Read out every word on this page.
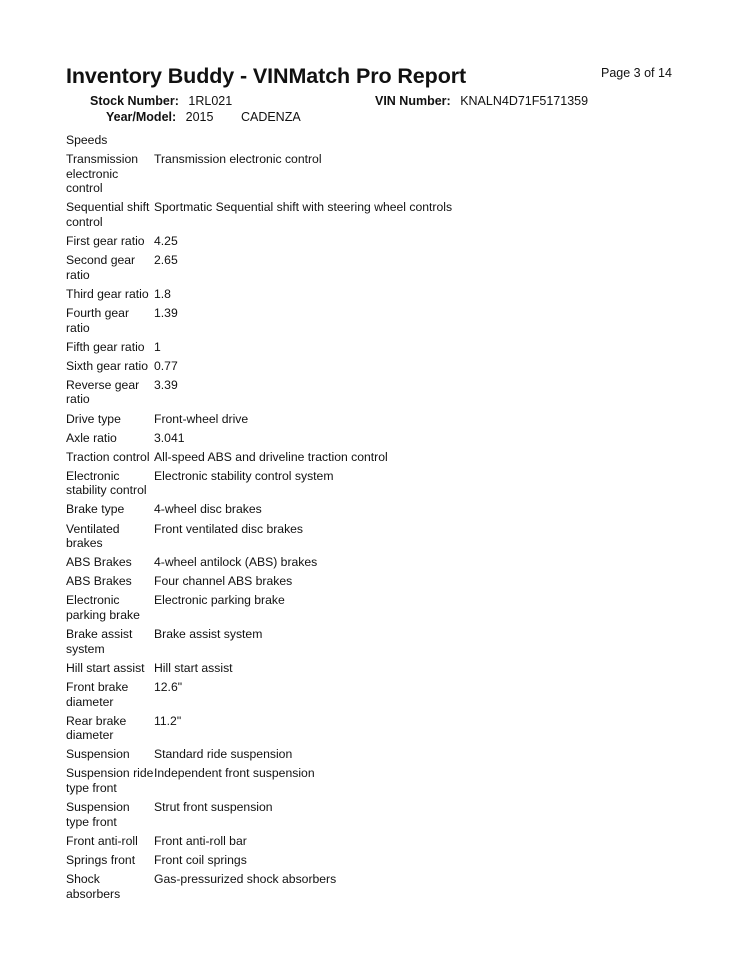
Page 3 of 14
Inventory Buddy - VINMatch Pro Report
Stock Number: 1RL021	VIN Number: KNALN4D71F5171359
Year/Model: 2015 CADENZA
Speeds	
Transmission electronic control	Transmission electronic control
Sequential shift control	Sportmatic Sequential shift with steering wheel controls
First gear ratio	4.25
Second gear ratio	2.65
Third gear ratio	1.8
Fourth gear ratio	1.39
Fifth gear ratio	1
Sixth gear ratio	0.77
Reverse gear ratio	3.39
Drive type	Front-wheel drive
Axle ratio	3.041
Traction control	All-speed ABS and driveline traction control
Electronic stability control	Electronic stability control system
Brake type	4-wheel disc brakes
Ventilated brakes	Front ventilated disc brakes
ABS Brakes	4-wheel antilock (ABS) brakes
ABS Brakes	Four channel ABS brakes
Electronic parking brake	Electronic parking brake
Brake assist system	Brake assist system
Hill start assist	Hill start assist
Front brake diameter	12.6"
Rear brake diameter	11.2"
Suspension	Standard ride suspension
Suspension ride type front	Independent front suspension
Suspension type front	Strut front suspension
Front anti-roll	Front anti-roll bar
Springs front	Front coil springs
Shock absorbers	Gas-pressurized shock absorbers
